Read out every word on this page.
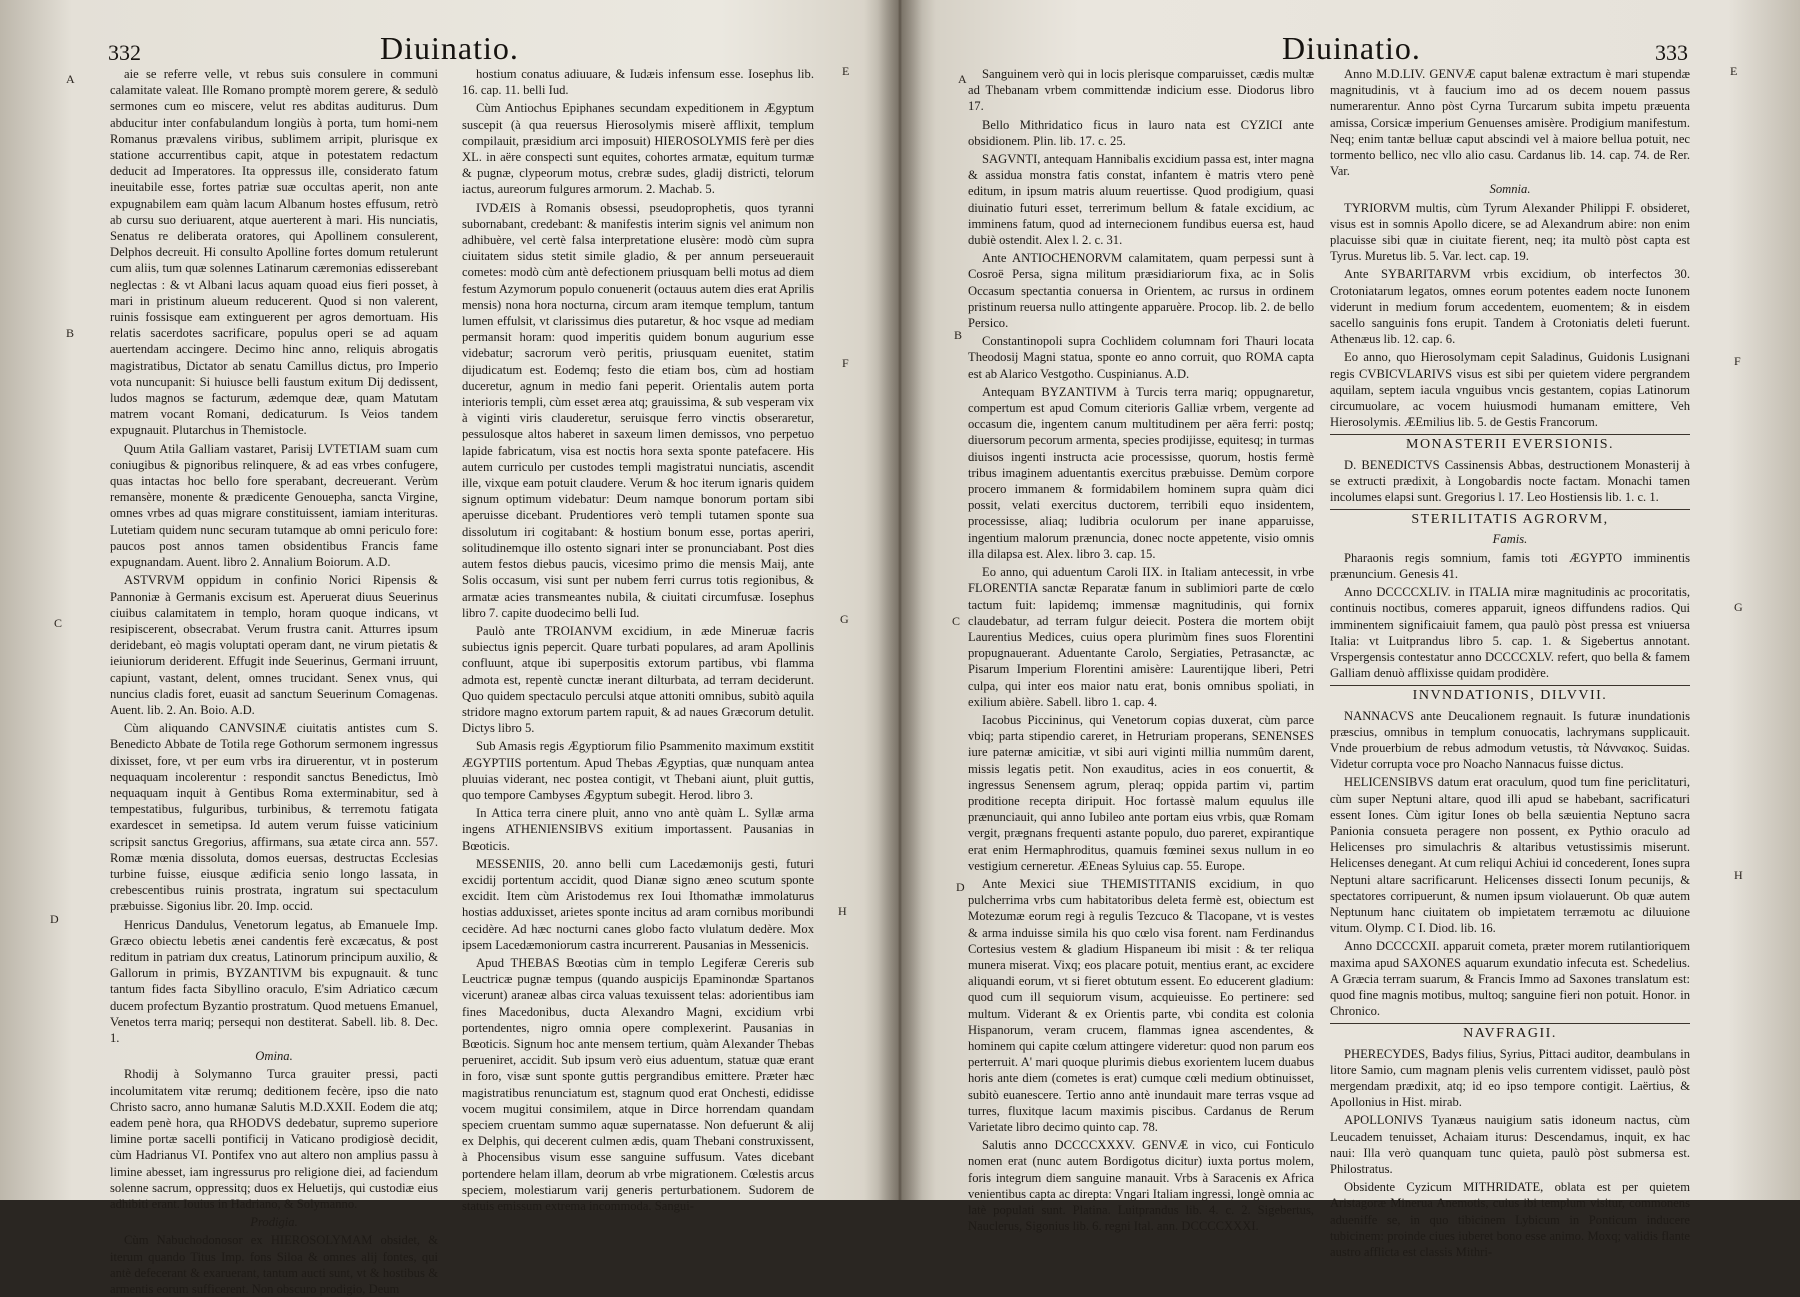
332	Diuinatio.
A
B
C
D
E
F
G
H

aie se referre velle, vt rebus suis consulere in communi calamitate valeat. Ille Romano promptè morem gerere, & sedulò sermones cum eo miscere, velut res abditas auditurus. Dum abducitur inter confabulandum longiùs à porta, tum homi-nem Romanus prævalens viribus, sublimem arripit, plurisque ex statione accurrentibus capit, atque in potestatem redactum deducit ad Imperatores. Ita oppressus ille, considerato fatum ineuitabile esse, fortes patriæ suæ occultas aperit, non ante expugnabilem eam quàm lacum Albanum hostes effusum, retrò ab cursu suo deriuarent, atque auerterent à mari. His nunciatis, Senatus re deliberata oratores, qui Apollinem consulerent, Delphos decreuit. Hi consulto Apolline fortes domum retulerunt cum aliis, tum quæ solennes Latinarum cæremonias edisserebant neglectas : & vt Albani lacus aquam quoad eius fieri posset, à mari in pristinum alueum reducerent. Quod si non valerent, ruinis fossisque eam extinguerent per agros demortuam. His relatis sacerdotes sacrificare, populus operi se ad aquam auertendam accingere. Decimo hinc anno, reliquis abrogatis magistratibus, Dictator ab senatu Camillus dictus, pro Imperio vota nuncupanit: Si huiusce belli faustum exitum Dij dedissent, ludos magnos se facturum, ædemque deæ, quam Matutam matrem vocant Romani, dedicaturum. Is Veios tandem expugnauit. Plutarchus in Themistocle.

Quum Atila Galliam vastaret, Parisij LVTETIAM suam cum coniugibus & pignoribus relinquere, & ad eas vrbes confugere, quas intactas hoc bello fore sperabant, decreuerant. Verùm remansère, monente & prædicente Genouepha, sancta Virgine, omnes vrbes ad quas migrare constituissent, iamiam interituras. Lutetiam quidem nunc securam tutamque ab omni periculo fore: paucos post annos tamen obsidentibus Francis fame expugnandam. Auent. libro 2. Annalium Boiorum. A.D.

ASTVRVM oppidum in confinio Norici Ripensis & Pannoniæ à Germanis excisum est. Aperuerat diuus Seuerinus ciuibus calamitatem in templo, horam quoque indicans, vt resipiscerent, obsecrabat. Verum frustra canit. Atturres ipsum deridebant, eò magis voluptati operam dant, ne virum pietatis & ieiuniorum deriderent. Effugit inde Seuerinus, Germani irruunt, capiunt, vastant, delent, omnes trucidant. Senex vnus, qui nuncius cladis foret, euasit ad sanctum Seuerinum Comagenas. Auent. lib. 2. An. Boio. A.D.

Cùm aliquando CANVSINÆ ciuitatis antistes cum S. Benedicto Abbate de Totila rege Gothorum sermonem ingressus dixisset, fore, vt per eum vrbs ira diruerentur, vt in posterum nequaquam incolerentur : respondit sanctus Benedictus, Imò nequaquam inquit à Gentibus Roma exterminabitur, sed à tempestatibus, fulguribus, turbinibus, & terremotu fatigata exardescet in semetipsa. Id autem verum fuisse vaticinium scripsit sanctus Gregorius, affirmans, sua ætate circa ann. 557. Romæ mœnia dissoluta, domos euersas, destructas Ecclesias turbine fuisse, eiusque ædificia senio longo lassata, in crebescentibus ruinis prostrata, ingratum sui spectaculum præbuisse. Sigonius libr. 20. Imp. occid.

Henricus Dandulus, Venetorum legatus, ab Emanuele Imp. Græco obiectu lebetis ænei candentis ferè excæcatus, & post reditum in patriam dux creatus, Latinorum principum auxilio, & Gallorum in primis, BYZANTIVM bis expugnauit. & tunc tantum fides facta Sibyllino oraculo, E'sim Adriatico cæcum ducem profectum Byzantio prostratum. Quod metuens Emanuel, Venetos terra mariq; persequi non destiterat. Sabell. lib. 8. Dec. 1.

Omina.

Rhodij à Solymanno Turca grauiter pressi, pacti incolumitatem vitæ rerumq; deditionem fecère, ipso die nato Christo sacro, anno humanæ Salutis M.D.XXII. Eodem die atq; eadem penè hora, qua RHODVS dedebatur, supremo superiore limine portæ sacelli pontificij in Vaticano prodigiosè decidit, cùm Hadrianus VI. Pontifex vno aut altero non amplius passu à limine abesset, iam ingressurus pro religione diei, ad faciendum solenne sacrum, oppressitq; duos ex Heluetijs, qui custodiæ eius adhibiti erant. Iouius in Hadriano, & Solymanno.

Prodigia.

Cùm Nabuchodonosor ex HIEROSOLYMAM obsidet, & iterum quando Titus Imp. fons Siloa & omnes alij fontes, qui antè defecerant & exaruerant, tantum aucti sunt, vt & hostibus & armentis eorum sufficerent. Non obscuro prodigio, Deum

hostium conatus adiuuare, & Iudæis infensum esse. Iosephus lib. 16. cap. 11. belli Iud.

Cùm Antiochus Epiphanes secundam expeditionem in Ægyptum suscepit (à qua reuersus Hierosolymis miserè afflixit, templum compilauit, præsidium arci imposuit) HIEROSOLYMIS ferè per dies XL. in aëre conspecti sunt equites, cohortes armatæ, equitum turmæ & pugnæ, clypeorum motus, crebræ sudes, gladij districti, telorum iactus, aureorum fulgures armorum. 2. Machab. 5.

IVDÆIS à Romanis obsessi, pseudoprophetis, quos tyranni subornabant, credebant: & manifestis interim signis vel animum non adhibuère, vel certè falsa interpretatione elusère: modò cùm supra ciuitatem sidus stetit simile gladio, & per annum perseuerauit cometes: modò cùm antè defectionem priusquam belli motus ad diem festum Azymorum populo conuenerit (octauus autem dies erat Aprilis mensis) nona hora nocturna, circum aram itemque templum, tantum lumen effulsit, vt clarissimus dies putaretur, & hoc vsque ad mediam permansit horam: quod imperitis quidem bonum augurium esse videbatur; sacrorum verò peritis, priusquam euenitet, statim dijudicatum est. Eodemq; festo die etiam bos, cùm ad hostiam duceretur, agnum in medio fani peperit. Orientalis autem porta interioris templi, cùm esset ærea atq; grauissima, & sub vesperam vix à viginti viris clauderetur, seruisque ferro vinctis obseraretur, pessulosque altos haberet in saxeum limen demissos, vno perpetuo lapide fabricatum, visa est noctis hora sexta sponte patefacere. His autem curriculo per custodes templi magistratui nunciatis, ascendit ille, vixque eam potuit claudere. Verum & hoc iterum ignaris quidem signum optimum videbatur: Deum namque bonorum portam sibi aperuisse dicebant. Prudentiores verò templi tutamen sponte sua dissolutum iri cogitabant: & hostium bonum esse, portas aperiri, solitudinemque illo ostento signari inter se pronunciabant. Post dies autem festos diebus paucis, vicesimo primo die mensis Maij, ante Solis occasum, visi sunt per nubem ferri currus totis regionibus, & armatæ acies transmeantes nubila, & ciuitati circumfusæ. Iosephus libro 7. capite duodecimo belli Iud.

Paulò ante TROIANVM excidium, in æde Mineruæ facris subiectus ignis pepercit. Quare turbati populares, ad aram Apollinis confluunt, atque ibi superpositis extorum partibus, vbi flamma admota est, repentè cunctæ inerant dilturbata, ad terram deciderunt. Quo quidem spectaculo perculsi atque attoniti omnibus, subitò aquila stridore magno extorum partem rapuit, & ad naues Græcorum detulit. Dictys libro 5.

Sub Amasis regis Ægyptiorum filio Psammenito maximum exstitit ÆGYPTIIS portentum. Apud Thebas Ægyptias, quæ nunquam antea pluuias viderant, nec postea contigit, vt Thebani aiunt, pluit guttis, quo tempore Cambyses Ægyptum subegit. Herod. libro 3.

In Attica terra cinere pluit, anno vno antè quàm L. Syllæ arma ingens ATHENIENSIBVS exitium importassent. Pausanias in Bœoticis.

MESSENIIS, 20. anno belli cum Lacedæmonijs gesti, futuri excidij portentum accidit, quod Dianæ signo æneo scutum sponte excidit. Item cùm Aristodemus rex Ioui Ithomathæ immolaturus hostias adduxisset, arietes sponte incitus ad aram cornibus moribundi cecidère. Ad hæc nocturni canes globo facto vlulatum dedère. Mox ipsem Lacedæmoniorum castra incurrerent. Pausanias in Messenicis.

Apud THEBAS Bœotias cùm in templo Legiferæ Cereris sub Leuctricæ pugnæ tempus (quando auspicijs Epaminondæ Spartanos vicerunt) araneæ albas circa valuas texuissent telas: adorientibus iam fines Macedonibus, ducta Alexandro Magni, excidium vrbi portendentes, nigro omnia opere complexerint. Pausanias in Bœoticis. Signum hoc ante mensem tertium, quàm Alexander Thebas perueniret, accidit. Sub ipsum verò eius aduentum, statuæ quæ erant in foro, visæ sunt sponte guttis pergrandibus emittere. Præter hæc magistratibus renunciatum est, stagnum quod erat Onchesti, edidisse vocem mugitui consimilem, atque in Dirce horrendam quandam speciem cruentam summo aquæ supernatasse. Non defuerunt & alij ex Delphis, qui decerent culmen ædis, quam Thebani construxissent, à Phocensibus visum esse sanguine suffusum. Vates dicebant portendere helam illam, deorum ab vrbe migrationem. Cœlestis arcus speciem, molestiarum varij generis perturbationem. Sudorem de statuis emissum extrema incommoda. Sangui-

Diuinatio.	333
A
B
C
D
E
F
G
H

Sanguinem verò qui in locis plerisque comparuisset, cædis multæ ad Thebanam vrbem committendæ indicium esse. Diodorus libro 17.

Bello Mithridatico ficus in lauro nata est CYZICI ante obsidionem. Plin. lib. 17. c. 25.

SAGVNTI, antequam Hannibalis excidium passa est, inter magna & assidua monstra fatis constat, infantem è matris vtero penè editum, in ipsum matris aluum reuertisse. Quod prodigium, quasi diuinatio futuri esset, terrerimum bellum & fatale excidium, ac imminens fatum, quod ad internecionem fundibus euersa est, haud dubiè ostendit. Alex l. 2. c. 31.

Ante ANTIOCHENORVM calamitatem, quam perpessi sunt à Cosroë Persa, signa militum præsidiariorum fixa, ac in Solis Occasum spectantia conuersa in Orientem, ac rursus in ordinem pristinum reuersa nullo attingente apparuère. Procop. lib. 2. de bello Persico.

Constantinopoli supra Cochlidem columnam fori Thauri locata Theodosij Magni statua, sponte eo anno corruit, quo ROMA capta est ab Alarico Vestgotho. Cuspinianus. A.D.

Antequam BYZANTIVM à Turcis terra mariq; oppugnaretur, compertum est apud Comum citerioris Galliæ vrbem, vergente ad occasum die, ingentem canum multitudinem per aëra ferri: postq; diuersorum pecorum armenta, species prodijisse, equitesq; in turmas diuisos ingenti instructa acie processisse, quorum, hostis fermè tribus imaginem aduentantis exercitus præbuisse. Demùm corpore procero immanem & formidabilem hominem supra quàm dici possit, velati exercitus ductorem, terribili equo insidentem, processisse, aliaq; ludibria oculorum per inane apparuisse, ingentium malorum prænuncia, donec nocte appetente, visio omnis illa dilapsa est. Alex. libro 3. cap. 15.

Eo anno, qui aduentum Caroli IIX. in Italiam antecessit, in vrbe FLORENTIA sanctæ Reparatæ fanum in sublimiori parte de cœlo tactum fuit: lapidemq; immensæ magnitudinis, qui fornix claudebatur, ad terram fulgur deiecit. Postera die mortem obijt Laurentius Medices, cuius opera plurimùm fines suos Florentini propugnauerant. Aduentante Carolo, Sergiaties, Petrasanctæ, ac Pisarum Imperium Florentini amisère: Laurentijque liberi, Petri culpa, qui inter eos maior natu erat, bonis omnibus spoliati, in exilium abière. Sabell. libro 1. cap. 4.

Iacobus Piccininus, qui Venetorum copias duxerat, cùm parce vbiq; parta stipendio careret, in Hetruriam properans, SENENSES iure paternæ amicitiæ, vt sibi auri viginti millia nummûm darent, missis legatis petit. Non exauditus, acies in eos conuertit, & ingressus Senensem agrum, pleraq; oppida partim vi, partim proditione recepta diripuit. Hoc fortassè malum equulus ille prænunciauit, qui anno Iubileo ante portam eius vrbis, quæ Romam vergit, prægnans frequenti astante populo, duo pareret, expirantique erat enim Hermaphroditus, quamuis fœminei sexus nullum in eo vestigium cerneretur. ÆEneas Syluius cap. 55. Europe.

Ante Mexici siue THEMISTITANIS excidium, in quo pulcherrima vrbs cum habitatoribus deleta fermè est, obiectum est Motezumæ eorum regi à regulis Tezcuco & Tlacopane, vt is vestes & arma induisse simila his quo cœlo visa forent. nam Ferdinandus Cortesius vestem & gladium Hispaneum ibi misit : & ter reliqua munera miserat. Vixq; eos placare potuit, mentius erant, ac excidere aliquandi eorum, vt si fieret obtutum essent. Eo educerent gladium: quod cum ill sequiorum visum, acquieuisse. Eo pertinere: sed multum. Viderant & ex Orientis parte, vbi condita est colonia Hispanorum, veram crucem, flammas ignea ascendentes, & hominem qui capite cœlum attingere videretur: quod non parum eos perterruit. A' mari quoque plurimis diebus exorientem lucem duabus horis ante diem (cometes is erat) cumque cœli medium obtinuisset, subitò euanescere. Tertio anno antè inundauit mare terras vsque ad turres, fluxitque lacum maximis piscibus. Cardanus de Rerum Varietate libro decimo quinto cap. 78.

Salutis anno DCCCCXXXV. GENVÆ in vico, cui Fonticulo nomen erat (nunc autem Bordigotus dicitur) iuxta portus molem, foris integrum diem sanguine manauit. Vrbs à Saracenis ex Africa venientibus capta ac direpta: Vngari Italiam ingressi, longè omnia ac latè populati sunt. Platina. Luitprandus lib. 4. c. 2. Sigebertus, Nauclerus, Sigonius lib. 6. regni Ital. ann. DCCCCXXXI.

Anno M.D.LIV. GENVÆ caput balenæ extractum è mari stupendæ magnitudinis, vt à faucium imo ad os decem nouem passus numerarentur. Anno pòst Cyrna Turcarum subita impetu præuenta amissa, Corsicæ imperium Genuenses amisère. Prodigium manifestum. Neq; enim tantæ belluæ caput abscindi vel à maiore bellua potuit, nec tormento bellico, nec vllo alio casu. Cardanus lib. 14. cap. 74. de Rer. Var.

Somnia.

TYRIORVM multis, cùm Tyrum Alexander Philippi F. obsideret, visus est in somnis Apollo dicere, se ad Alexandrum abire: non enim placuisse sibi quæ in ciuitate fierent, neq; ita multò pòst capta est Tyrus. Muretus lib. 5. Var. lect. cap. 19.

Ante SYBARITARVM vrbis excidium, ob interfectos 30. Crotoniatarum legatos, omnes eorum potentes eadem nocte Iunonem viderunt in medium forum accedentem, euomentem; & in eisdem sacello sanguinis fons erupit. Tandem à Crotoniatis deleti fuerunt. Athenæus lib. 12. cap. 6.

Eo anno, quo Hierosolymam cepit Saladinus, Guidonis Lusignani regis CVBICVLARIVS visus est sibi per quietem videre pergrandem aquilam, septem iacula vnguibus vncis gestantem, copias Latinorum circumuolare, ac vocem huiusmodi humanam emittere, Veh Hierosolymis. ÆEmilius lib. 5. de Gestis Francorum.

MONASTERII EVERSIONIS.

D. BENEDICTVS Cassinensis Abbas, destructionem Monasterij à se extructi prædixit, à Longobardis nocte factam. Monachi tamen incolumes elapsi sunt. Gregorius l. 17. Leo Hostiensis lib. 1. c. 1.

STERILITATIS AGRORVM,

Famis.

Pharaonis regis somnium, famis toti ÆGYPTO imminentis prænuncium. Genesis 41.

Anno DCCCCXLIV. in ITALIA miræ magnitudinis ac procoritatis, continuis noctibus, comeres apparuit, igneos diffundens radios. Qui imminentem significaiuit famem, qua paulò pòst pressa est vniuersa Italia: vt Luitprandus libro 5. cap. 1. & Sigebertus annotant. Vrspergensis contestatur anno DCCCCXLV. refert, quo bella & famem Galliam denuò afflixisse quidam prodidère.

INVNDATIONIS, DILVVII.

NANNACVS ante Deucalionem regnauit. Is futuræ inundationis præscius, omnibus in templum conuocatis, lachrymans supplicauit. Vnde prouerbium de rebus admodum vetustis, τὰ Νάννακος. Suidas. Videtur corrupta voce pro Noacho Nannacus fuisse dictus.

HELICENSIBVS datum erat oraculum, quod tum fine periclitaturi, cùm super Neptuni altare, quod illi apud se habebant, sacrificaturi essent Iones. Cùm igitur Iones ob bella sæuientia Neptuno sacra Panionia consueta peragere non possent, ex Pythio oraculo ad Helicenses pro simulachris & altaribus vetustissimis miserunt. Helicenses denegant. At cum reliqui Achiui id concederent, Iones supra Neptuni altare sacrificarunt. Helicenses dissecti Ionum pecunijs, & spectatores corripuerunt, & numen ipsum violauerunt. Ob quæ autem Neptunum hanc ciuitatem ob impietatem terræmotu ac diluuione vitum. Olymp. C I. Diod. lib. 16.

Anno DCCCCXII. apparuit cometa, præter morem rutilantioriquem maxima apud SAXONES aquarum exundatio infecuta est. Schedelius. A Græcia terram suarum, & Francis Immo ad Saxones translatum est: quod fine magnis motibus, multoq; sanguine fieri non potuit. Honor. in Chronico.

NAVFRAGII.

PHERECYDES, Badys filius, Syrius, Pittaci auditor, deambulans in litore Samio, cum magnam plenis velis currentem vidisset, paulò pòst mergendam prædixit, atq; id eo ipso tempore contigit. Laërtius, & Apollonius in Hist. mirab.

APOLLONIVS Tyanæus nauigium satis idoneum nactus, cùm Leucadem tenuisset, Achaiam iturus: Descendamus, inquit, ex hac naui: Illa verò quanquam tunc quieta, paulò pòst submersa est. Philostratus.

Obsidente Cyzicum MITHRIDATE, oblata est per quietem Aristagoræ Minerua Anemotis, cuius ibi templum visitur, commonens adueniffe se, in quo tibicinem Lybicum in Ponticum inducere tubicinem: proinde ciues iuberet bono esse animo. Moxq; validis flante austro afflicta est classis Mithri-
